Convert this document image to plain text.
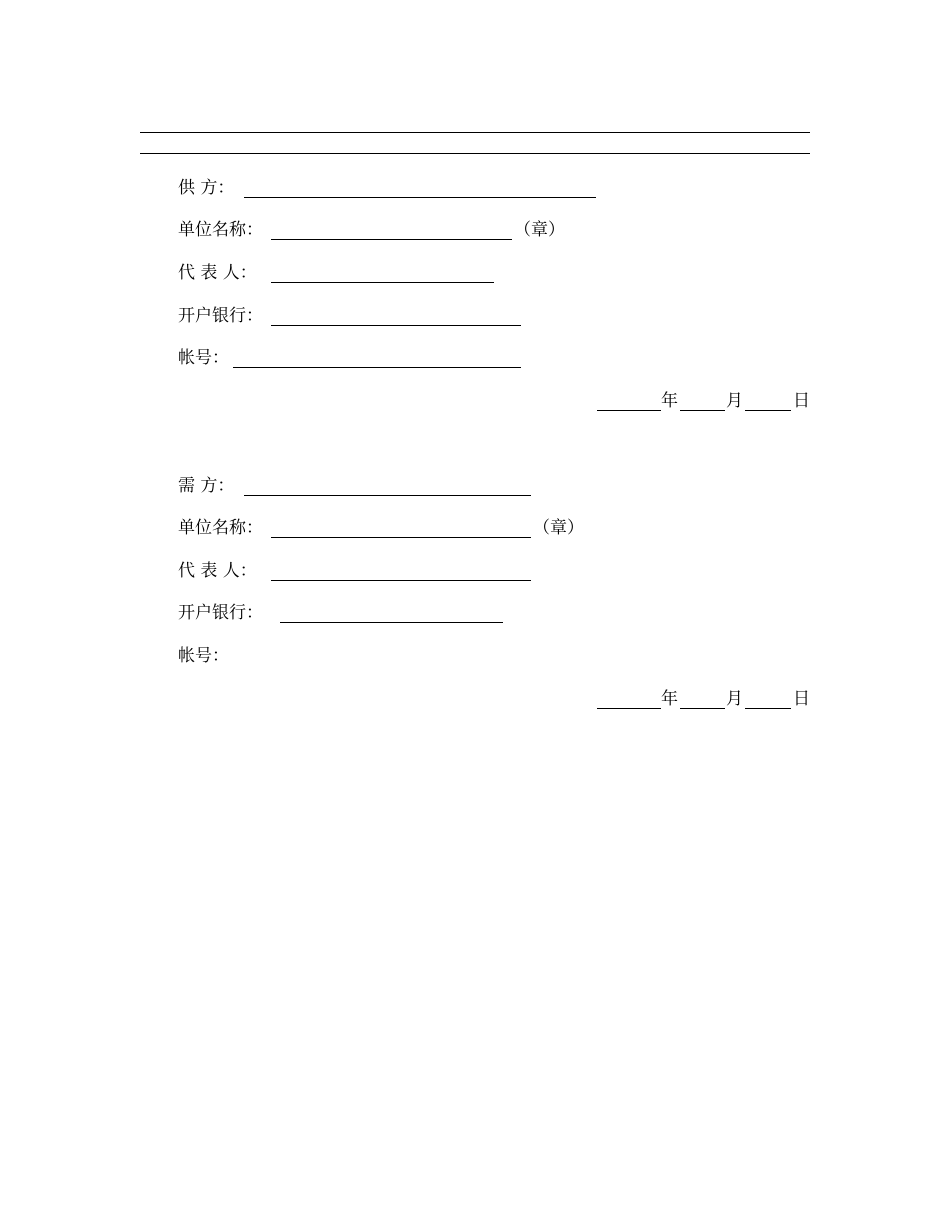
供 方：
单位名称：	（章）
代 表 人：
开户银行：
帐号：
年	月	日
需 方：
单位名称：	（章）
代 表 人：
开户银行：
帐号：
年	月	日
